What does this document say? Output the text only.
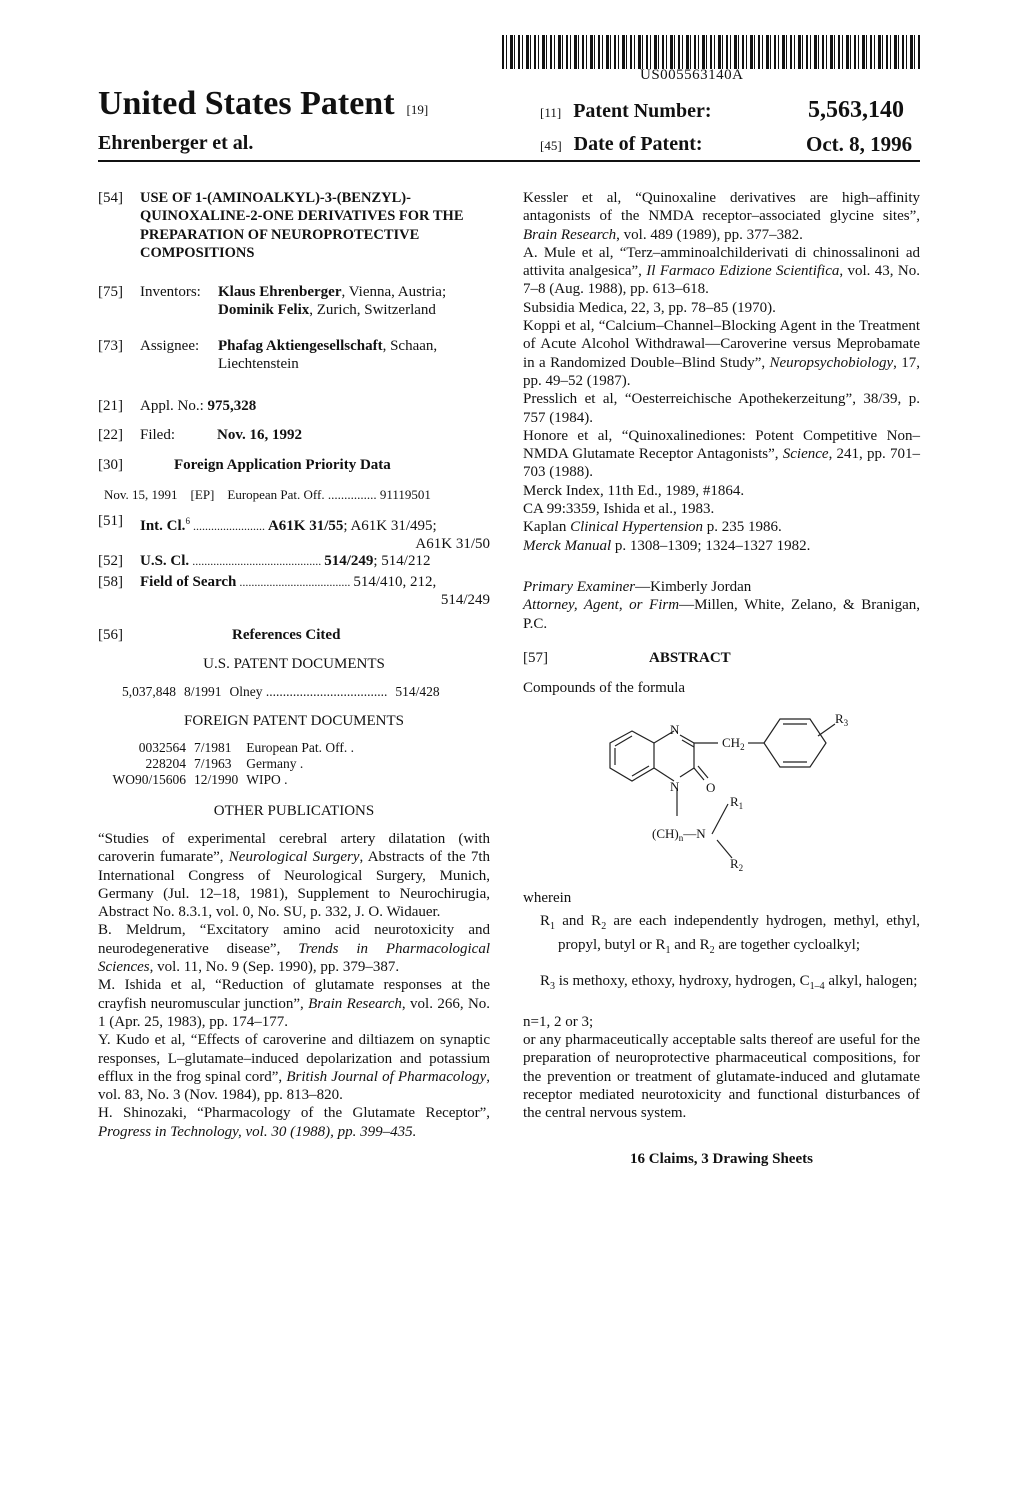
US005563140A
United States Patent [19]
Ehrenberger et al.
[11] Patent Number:	5,563,140
[45] Date of Patent:	Oct. 8, 1996
[54] USE OF 1-(AMINOALKYL)-3-(BENZYL)-QUINOXALINE-2-ONE DERIVATIVES FOR THE PREPARATION OF NEUROPROTECTIVE COMPOSITIONS
[75] Inventors: Klaus Ehrenberger, Vienna, Austria;
Dominik Felix, Zurich, Switzerland
[73] Assignee: Phafag Aktiengesellschaft, Schaan, Liechtenstein
[21] Appl. No.: 975,328
[22] Filed:	Nov. 16, 1992
[30]	Foreign Application Priority Data
Nov. 15, 1991    [EP]    European Pat. Off. ............... 91119501
[51] Int. Cl.$^6$ ........................ A61K 31/55; A61K 31/495;
A61K 31/50
[52] U.S. Cl. ........................................... 514/249; 514/212
[58] Field of Search ..................................... 514/410, 212,
514/249
[56]	References Cited
U.S. PATENT DOCUMENTS
5,037,848	8/1991	Olney ....................................	514/428
FOREIGN PATENT DOCUMENTS
0032564	7/1981	European Pat. Off. .
228204	7/1963	Germany .
WO90/15606	12/1990	WIPO .
OTHER PUBLICATIONS

“Studies of experimental cerebral artery dilatation (with caroverin fumarate”, Neurological Surgery, Abstracts of the 7th International Congress of Neurological Surgery, Munich, Germany (Jul. 12–18, 1981), Supplement to Neurochirugia, Abstract No. 8.3.1, vol. 0, No. SU, p. 332, J. O. Widauer.

B. Meldrum, “Excitatory amino acid neurotoxicity and neurodegenerative disease”, Trends in Pharmacological Sciences, vol. 11, No. 9 (Sep. 1990), pp. 379–387.

M. Ishida et al, “Reduction of glutamate responses at the crayfish neuromuscular junction”, Brain Research, vol. 266, No. 1 (Apr. 25, 1983), pp. 174–177.

Y. Kudo et al, “Effects of caroverine and diltiazem on synaptic responses, L–glutamate–induced depolarization and potassium efflux in the frog spinal cord”, British Journal of Pharmacology, vol. 83, No. 3 (Nov. 1984), pp. 813–820.

H. Shinozaki, “Pharmacology of the Glutamate Receptor”, Progress in Technology, vol. 30 (1988), pp. 399–435.

Kessler et al, “Quinoxaline derivatives are high–affinity antagonists of the NMDA receptor–associated glycine sites”, Brain Research, vol. 489 (1989), pp. 377–382.

A. Mule et al, “Terz–amminoalchilderivati di chinossalinoni ad attivita analgesica”, Il Farmaco Edizione Scientifica, vol. 43, No. 7–8 (Aug. 1988), pp. 613–618.

Subsidia Medica, 22, 3, pp. 78–85 (1970).

Koppi et al, “Calcium–Channel–Blocking Agent in the Treatment of Acute Alcohol Withdrawal—Caroverine versus Meprobamate in a Randomized Double–Blind Study”, Neuropsychobiology, 17, pp. 49–52 (1987).

Presslich et al, “Oesterreichische Apothekerzeitung”, 38/39, p. 757 (1984).

Honore et al, “Quinoxalinediones: Potent Competitive Non–NMDA Glutamate Receptor Antagonists”, Science, 241, pp. 701–703 (1988).

Merck Index, 11th Ed., 1989, #1864.

CA 99:3359, Ishida et al., 1983.

Kaplan Clinical Hypertension p. 235 1986.

Merck Manual p. 1308–1309; 1324–1327 1982.

Primary Examiner—Kimberly Jordan
Attorney, Agent, or Firm—Millen, White, Zelano, & Branigan, P.C.
[57]	ABSTRACT
Compounds of the formula
N
N O
$CH_2$
$R_3$
$R_1$
$(CH)_n—N$
$R_2$
wherein
$R_1$ and $R_2$ are each independently hydrogen, methyl, ethyl, propyl, butyl or $R_1$ and $R_2$ are together cycloalkyl;
$R_3$ is methoxy, ethoxy, hydroxy, hydrogen, $C_{1-4}$ alkyl, halogen;
n=1, 2 or 3;
or any pharmaceutically acceptable salts thereof are useful for the preparation of neuroprotective pharmaceutical compositions, for the prevention or treatment of glutamate-induced and glutamate receptor mediated neurotoxicity and functional disturbances of the central nervous system.
16 Claims, 3 Drawing Sheets
